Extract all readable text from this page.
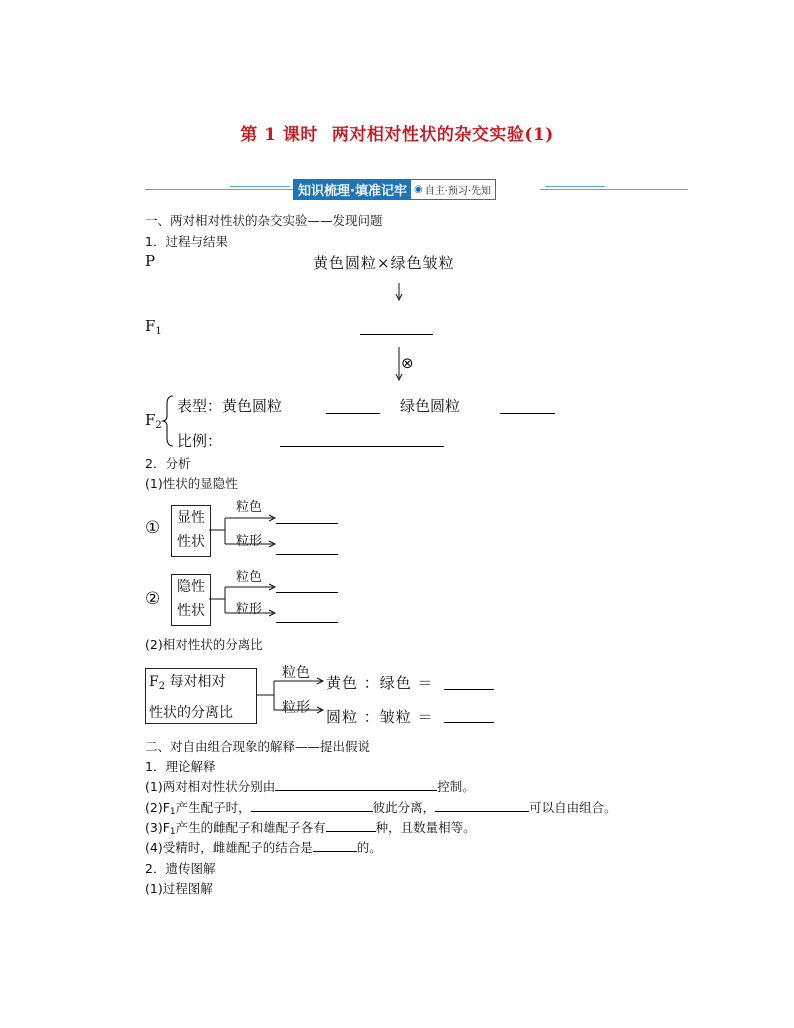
第 1 课时 两对相对性状的杂交实验(1)
知识梳理·填准记牢 ◉ 自主·预习·先知
一、两对相对性状的杂交实验——发现问题
1．过程与结果
P	黄色圆粒×绿色皱粒
$F_1$
⊗
$F_2$
表型：黄色圆粒	绿色圆粒
比例：
2．分析
(1)性状的显隐性
①	显性
性状
粒色
粒形
②
隐性
性状
粒色
粒形
(2)相对性状的分离比
$F_2$ 每对相对
性状的分离比
粒色
粒形
黄色 ：绿色 ＝
圆粒 ：皱粒 ＝
二、对自由组合现象的解释——提出假说
1．理论解释
(1)两对相对性状分别由	控制。
(2)F1产生配子时，	彼此分离，	可以自由组合。
(3)F1产生的雌配子和雄配子各有	种，且数量相等。
(4)受精时，雌雄配子的结合是	的。
2．遗传图解
(1)过程图解
